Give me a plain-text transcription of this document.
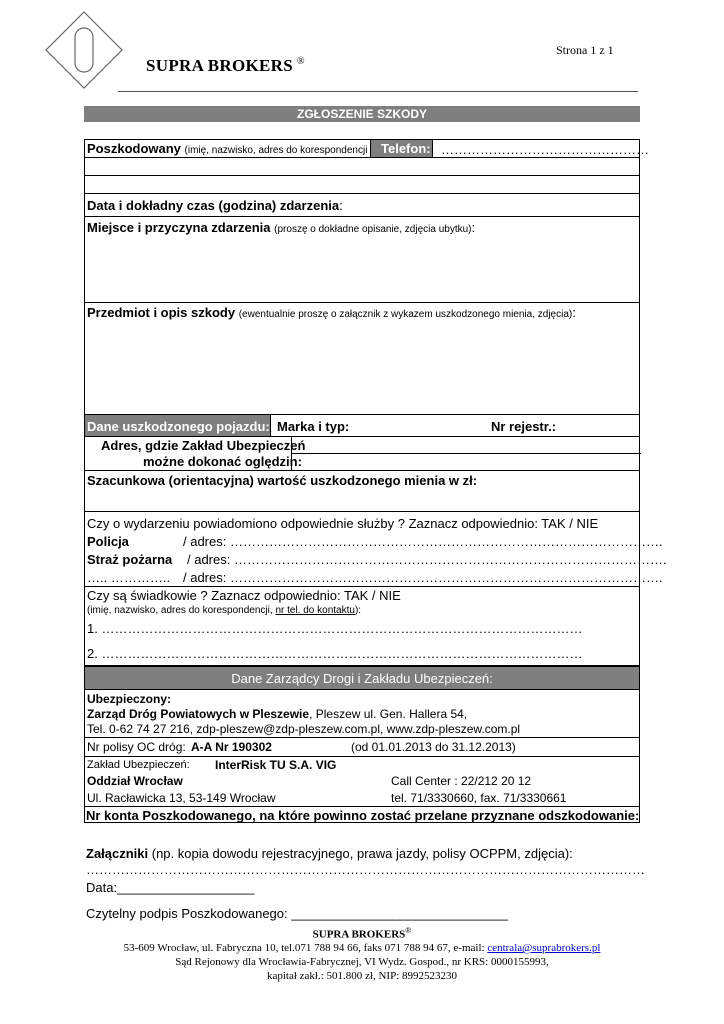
SUPRA BROKERS ®
Strona 1 z 1
ZGŁOSZENIE SZKODY
Poszkodowany (imię, nazwisko, adres do korespondencji Telefon: …………………………………………
Data i dokładny czas (godzina) zdarzenia:
Miejsce i przyczyna zdarzenia (proszę o dokładne opisanie, zdjęcia ubytku):
Przedmiot i opis szkody (ewentualnie proszę o załącznik z wykazem uszkodzonego mienia, zdjęcia):
Dane uszkodzonego pojazdu: Marka i typ:	Nr rejestr.:
Adres, gdzie Zakład Ubezpieczeń
możne dokonać oględzin:
Szacunkowa (orientacyjna) wartość uszkodzonego mienia w zł:
Czy o wydarzeniu powiadomiono odpowiednie służby ? Zaznacz odpowiednio: TAK / NIE
Policja	/ adres: ……………………………………………………………………………………….
Straż pożarna / adres: ……………………………………………………………………………………….
….. ………….. / adres: ……………………………………………………………………………………….
Czy są świadkowie ? Zaznacz odpowiednio: TAK / NIE
(imię, nazwisko, adres do korespondencji, nr tel. do kontaktu):
1. …………………………………………………………………………………………………
2. …………………………………………………………………………………………………
Dane Zarządcy Drogi i Zakładu Ubezpieczeń:
Ubezpieczony:
Zarząd Dróg Powiatowych w Pleszewie, Pleszew ul. Gen. Hallera 54,
Tel. 0-62 74 27 216, zdp-pleszew@zdp-pleszew.com.pl, www.zdp-pleszew.com.pl
Nr polisy OC dróg: A-A Nr 190302	(od 01.01.2013 do 31.12.2013)
Zakład Ubezpieczeń: InterRisk TU S.A. VIG
Oddział Wrocław	Call Center : 22/212 20 12
Ul. Racławicka 13, 53-149 Wrocław	tel. 71/3330660, fax. 71/3330661
Nr konta Poszkodowanego, na które powinno zostać przelane przyznane odszkodowanie:
Załączniki (np. kopia dowodu rejestracyjnego, prawa jazdy, polisy OCPPM, zdjęcia):
…………………………………………………………………………………………………………………
Data:___________________
Czytelny podpis Poszkodowanego: ______________________________
SUPRA BROKERS®
53-609 Wrocław, ul. Fabryczna 10, tel.071 788 94 66, faks 071 788 94 67, e-mail: centrala@suprabrokers.pl
Sąd Rejonowy dla Wrocławia-Fabrycznej, VI Wydz. Gospod., nr KRS: 0000155993,
kapitał zakł.: 501.800 zł, NIP: 8992523230
